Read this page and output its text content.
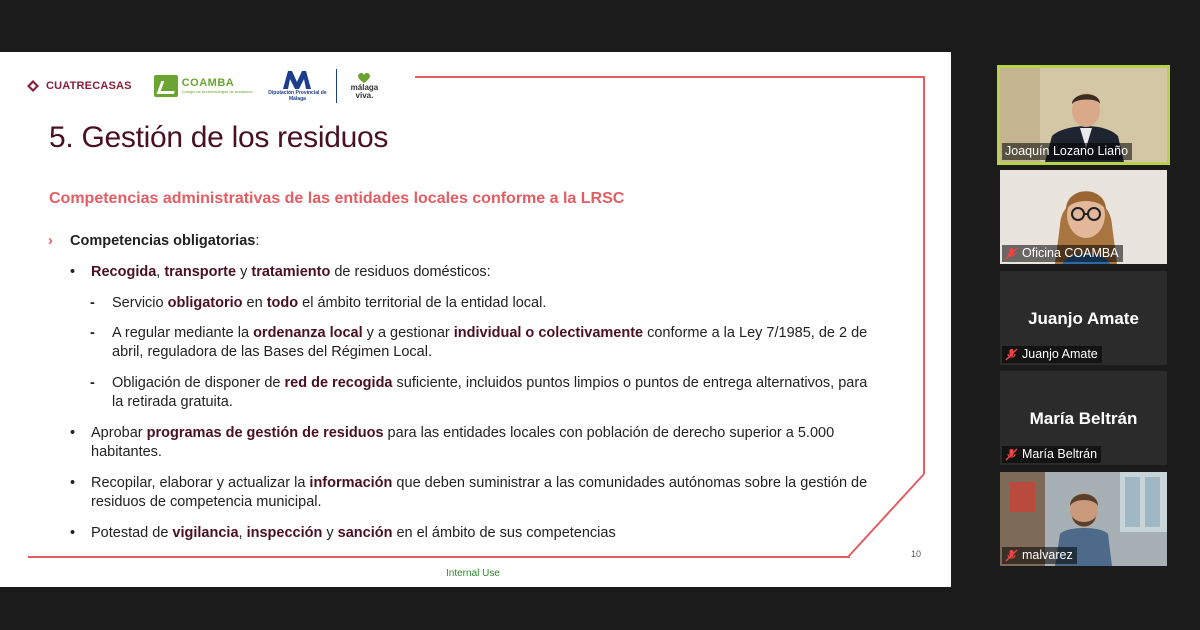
CUATRECASAS	COAMBA
Colegio de Ambientólogos de Andalucía	Diputación Provincial de Málaga
málaga viva.
5. Gestión de los residuos
Competencias administrativas de las entidades locales conforme a la LRSC
› Competencias obligatorias:
• Recogida, transporte y tratamiento de residuos domésticos:
- Servicio obligatorio en todo el ámbito territorial de la entidad local.
- A regular mediante la ordenanza local y a gestionar individual o colectivamente conforme a la Ley 7/1985, de 2 de
abril, reguladora de las Bases del Régimen Local.
- Obligación de disponer de red de recogida suficiente, incluidos puntos limpios o puntos de entrega alternativos, para
la retirada gratuita.
• Aprobar programas de gestión de residuos para las entidades locales con población de derecho superior a 5.000
habitantes.
• Recopilar, elaborar y actualizar la información que deben suministrar a las comunidades autónomas sobre la gestión de
residuos de competencia municipal.
• Potestad de vigilancia, inspección y sanción en el ámbito de sus competencias
10
Internal Use
Joaquín Lozano Liaño
Oficina COAMBA
Juanjo Amate
Juanjo Amate
María Beltrán
María Beltrán
malvarez
